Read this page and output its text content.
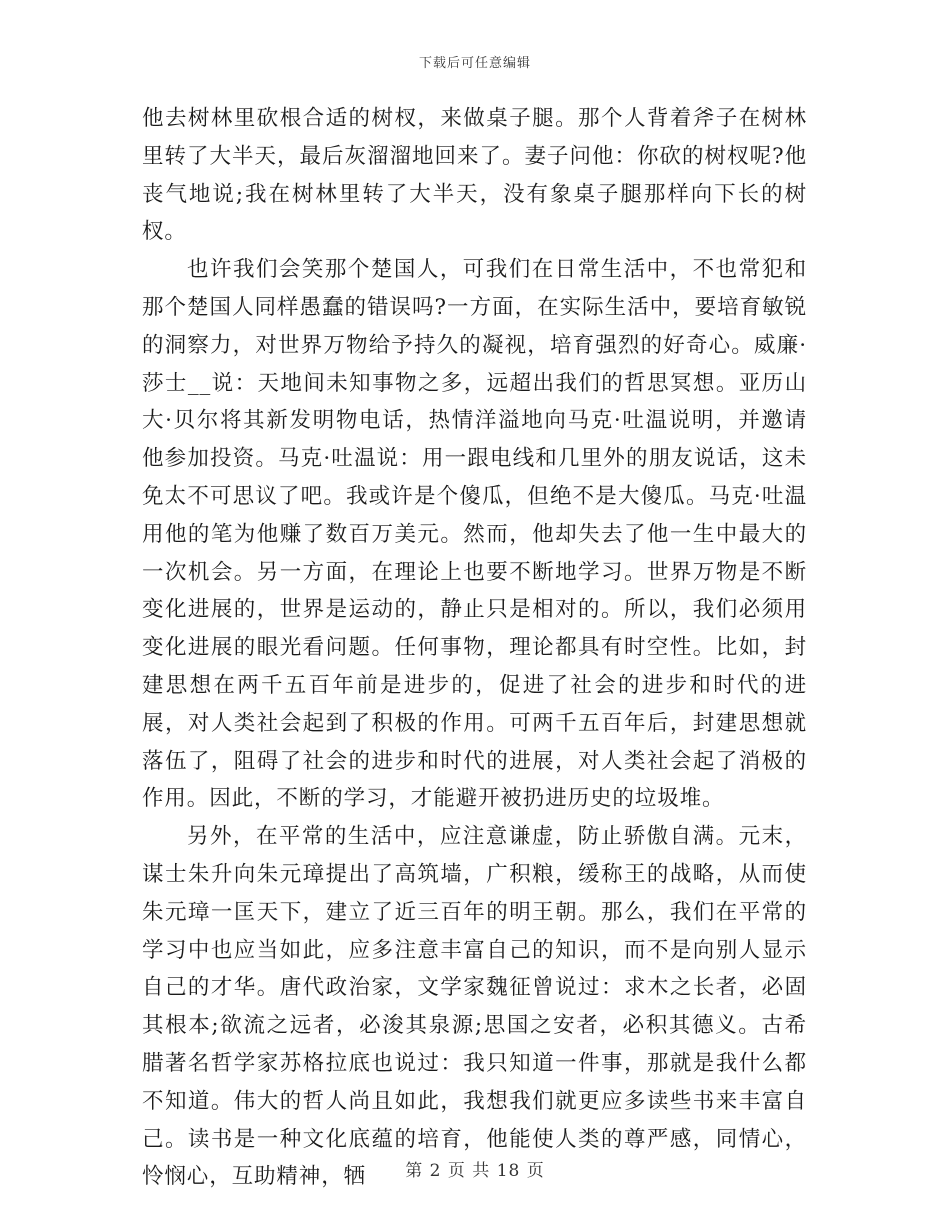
下载后可任意编辑

他去树林里砍根合适的树杈，来做桌子腿。那个人背着斧子在树林里转了大半天，最后灰溜溜地回来了。妻子问他：你砍的树杈呢?他丧气地说;我在树林里转了大半天，没有象桌子腿那样向下长的树杈。

也许我们会笑那个楚国人，可我们在日常生活中，不也常犯和那个楚国人同样愚蠢的错误吗?一方面，在实际生活中，要培育敏锐的洞察力，对世界万物给予持久的凝视，培育强烈的好奇心。威廉·莎士__说：天地间未知事物之多，远超出我们的哲思冥想。亚历山大·贝尔将其新发明物电话，热情洋溢地向马克·吐温说明，并邀请他参加投资。马克·吐温说：用一跟电线和几里外的朋友说话，这未免太不可思议了吧。我或许是个傻瓜，但绝不是大傻瓜。马克·吐温用他的笔为他赚了数百万美元。然而，他却失去了他一生中最大的一次机会。另一方面，在理论上也要不断地学习。世界万物是不断变化进展的，世界是运动的，静止只是相对的。所以，我们必须用变化进展的眼光看问题。任何事物，理论都具有时空性。比如，封建思想在两千五百年前是进步的，促进了社会的进步和时代的进展，对人类社会起到了积极的作用。可两千五百年后，封建思想就落伍了，阻碍了社会的进步和时代的进展，对人类社会起了消极的作用。因此，不断的学习，才能避开被扔进历史的垃圾堆。

另外，在平常的生活中，应注意谦虚，防止骄傲自满。元末，谋士朱升向朱元璋提出了高筑墙，广积粮，缓称王的战略，从而使朱元璋一匡天下，建立了近三百年的明王朝。那么，我们在平常的学习中也应当如此，应多注意丰富自己的知识，而不是向别人显示自己的才华。唐代政治家，文学家魏征曾说过：求木之长者，必固其根本;欲流之远者，必浚其泉源;思国之安者，必积其德义。古希腊著名哲学家苏格拉底也说过：我只知道一件事，那就是我什么都不知道。伟大的哲人尚且如此，我想我们就更应多读些书来丰富自己。读书是一种文化底蕴的培育，他能使人类的尊严感，同情心，怜悯心，互助精神，牺	第 2 页 共 18 页
